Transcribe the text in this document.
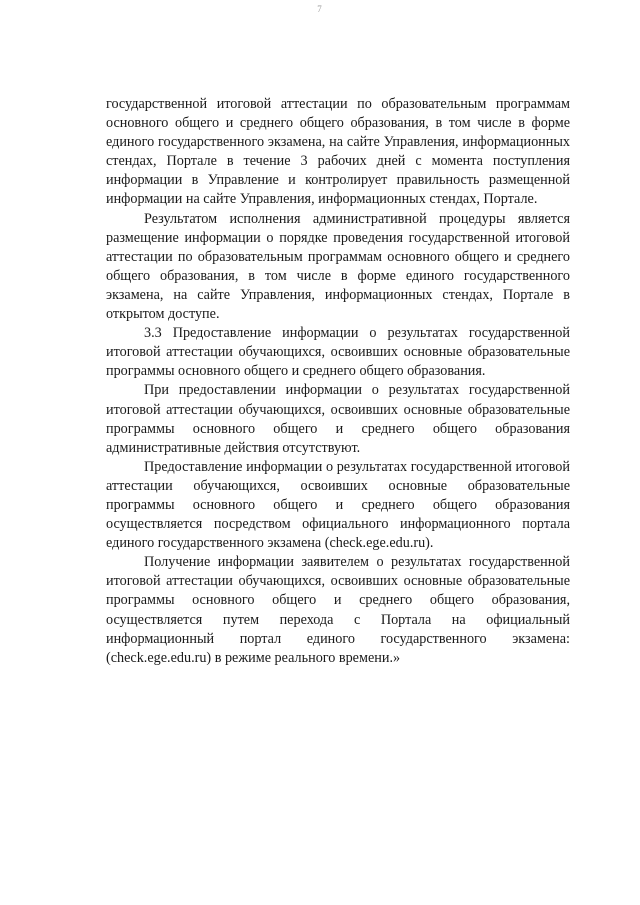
7

государственной итоговой аттестации по образовательным программам основного общего и среднего общего образования, в том числе в форме единого государственного экзамена, на сайте Управления, информационных стендах, Портале в течение 3 рабочих дней с момента поступления информации в Управление и контролирует правильность размещенной информации на сайте Управления, информационных стендах, Портале.

Результатом исполнения административной процедуры является размещение информации о порядке проведения государственной итоговой аттестации по образовательным программам основного общего и среднего общего образования, в том числе в форме единого государственного экзамена, на сайте Управления, информационных стендах, Портале в открытом доступе.

3.3 Предоставление информации о результатах государственной итоговой аттестации обучающихся, освоивших основные образовательные программы основного общего и среднего общего образования.

При предоставлении информации о результатах государственной итоговой аттестации обучающихся, освоивших основные образовательные программы основного общего и среднего общего образования административные действия отсутствуют.

Предоставление информации о результатах государственной итоговой аттестации обучающихся, освоивших основные образовательные программы основного общего и среднего общего образования осуществляется посредством официального информационного портала единого государственного экзамена (check.ege.edu.ru).

Получение информации заявителем о результатах государственной итоговой аттестации обучающихся, освоивших основные образовательные программы основного общего и среднего общего образования, осуществляется путем перехода с Портала на официальный информационный портал единого государственного экзамена: (check.ege.edu.ru) в режиме реального времени.»
